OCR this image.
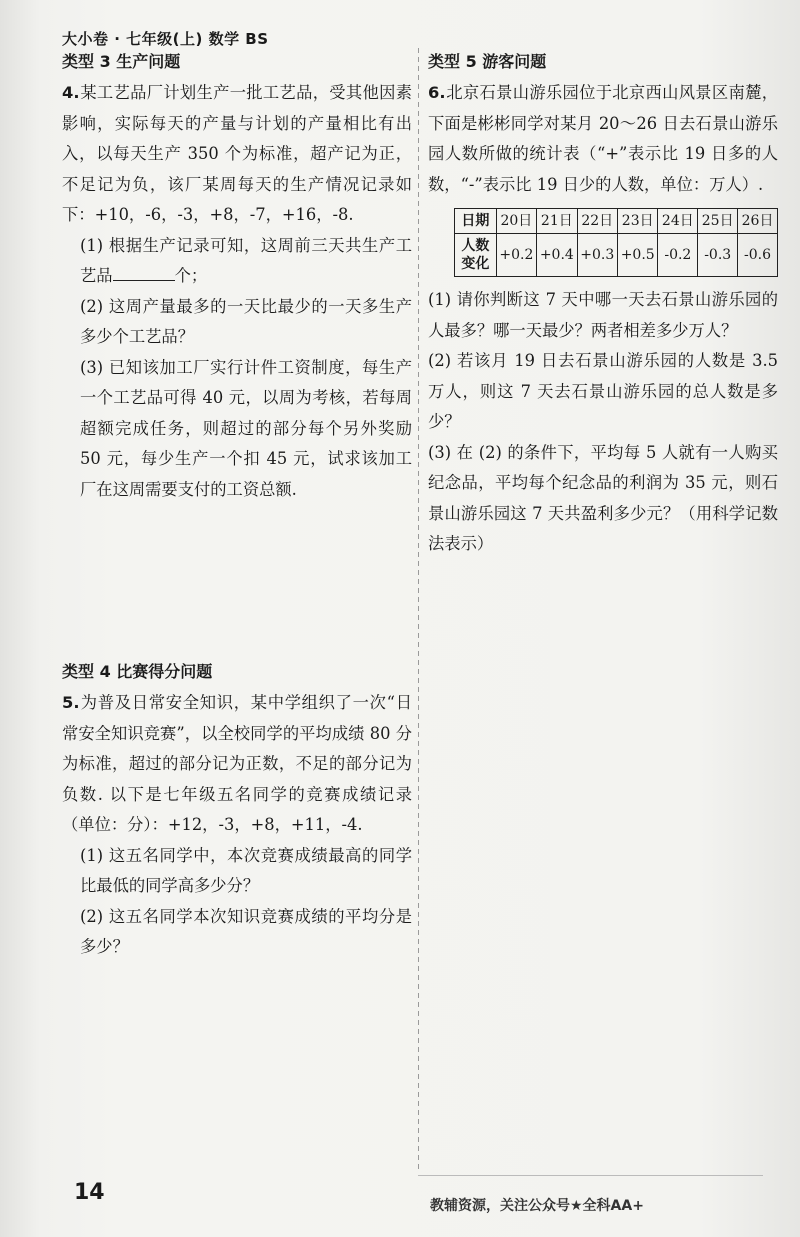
大小卷 · 七年级(上) 数学 BS
类型 3 生产问题

4.某工艺品厂计划生产一批工艺品，受其他因素影响，实际每天的产量与计划的产量相比有出入，以每天生产 350 个为标准，超产记为正，不足记为负，该厂某周每天的生产情况记录如下：+10，-6，-3，+8，-7，+16，-8.

(1) 根据生产记录可知，这周前三天共生产工艺品	个；

(2) 这周产量最多的一天比最少的一天多生产多少个工艺品？

(3) 已知该加工厂实行计件工资制度，每生产一个工艺品可得 40 元，以周为考核，若每周超额完成任务，则超过的部分每个另外奖励 50 元，每少生产一个扣 45 元，试求该加工厂在这周需要支付的工资总额.

类型 4 比赛得分问题

5.为普及日常安全知识，某中学组织了一次“日常安全知识竞赛”，以全校同学的平均成绩 80 分为标准，超过的部分记为正数，不足的部分记为负数. 以下是七年级五名同学的竞赛成绩记录（单位：分）：+12，-3，+8，+11，-4.

(1) 这五名同学中，本次竞赛成绩最高的同学比最低的同学高多少分？

(2) 这五名同学本次知识竞赛成绩的平均分是多少？

类型 5 游客问题

6.北京石景山游乐园位于北京西山风景区南麓，下面是彬彬同学对某月 20～26 日去石景山游乐园人数所做的统计表（“+”表示比 19 日多的人数，“-”表示比 19 日少的人数，单位：万人）.

日期	20日	21日	22日	23日	24日	25日	26日

人数
变化	+0.2	+0.4	+0.3	+0.5	-0.2	-0.3	-0.6

(1) 请你判断这 7 天中哪一天去石景山游乐园的人最多？哪一天最少？两者相差多少万人？

(2) 若该月 19 日去石景山游乐园的人数是 3.5 万人，则这 7 天去石景山游乐园的总人数是多少？

(3) 在 (2) 的条件下，平均每 5 人就有一人购买纪念品，平均每个纪念品的利润为 35 元，则石景山游乐园这 7 天共盈利多少元？（用科学记数法表示）

14
教辅资源，关注公众号★全科AA+
